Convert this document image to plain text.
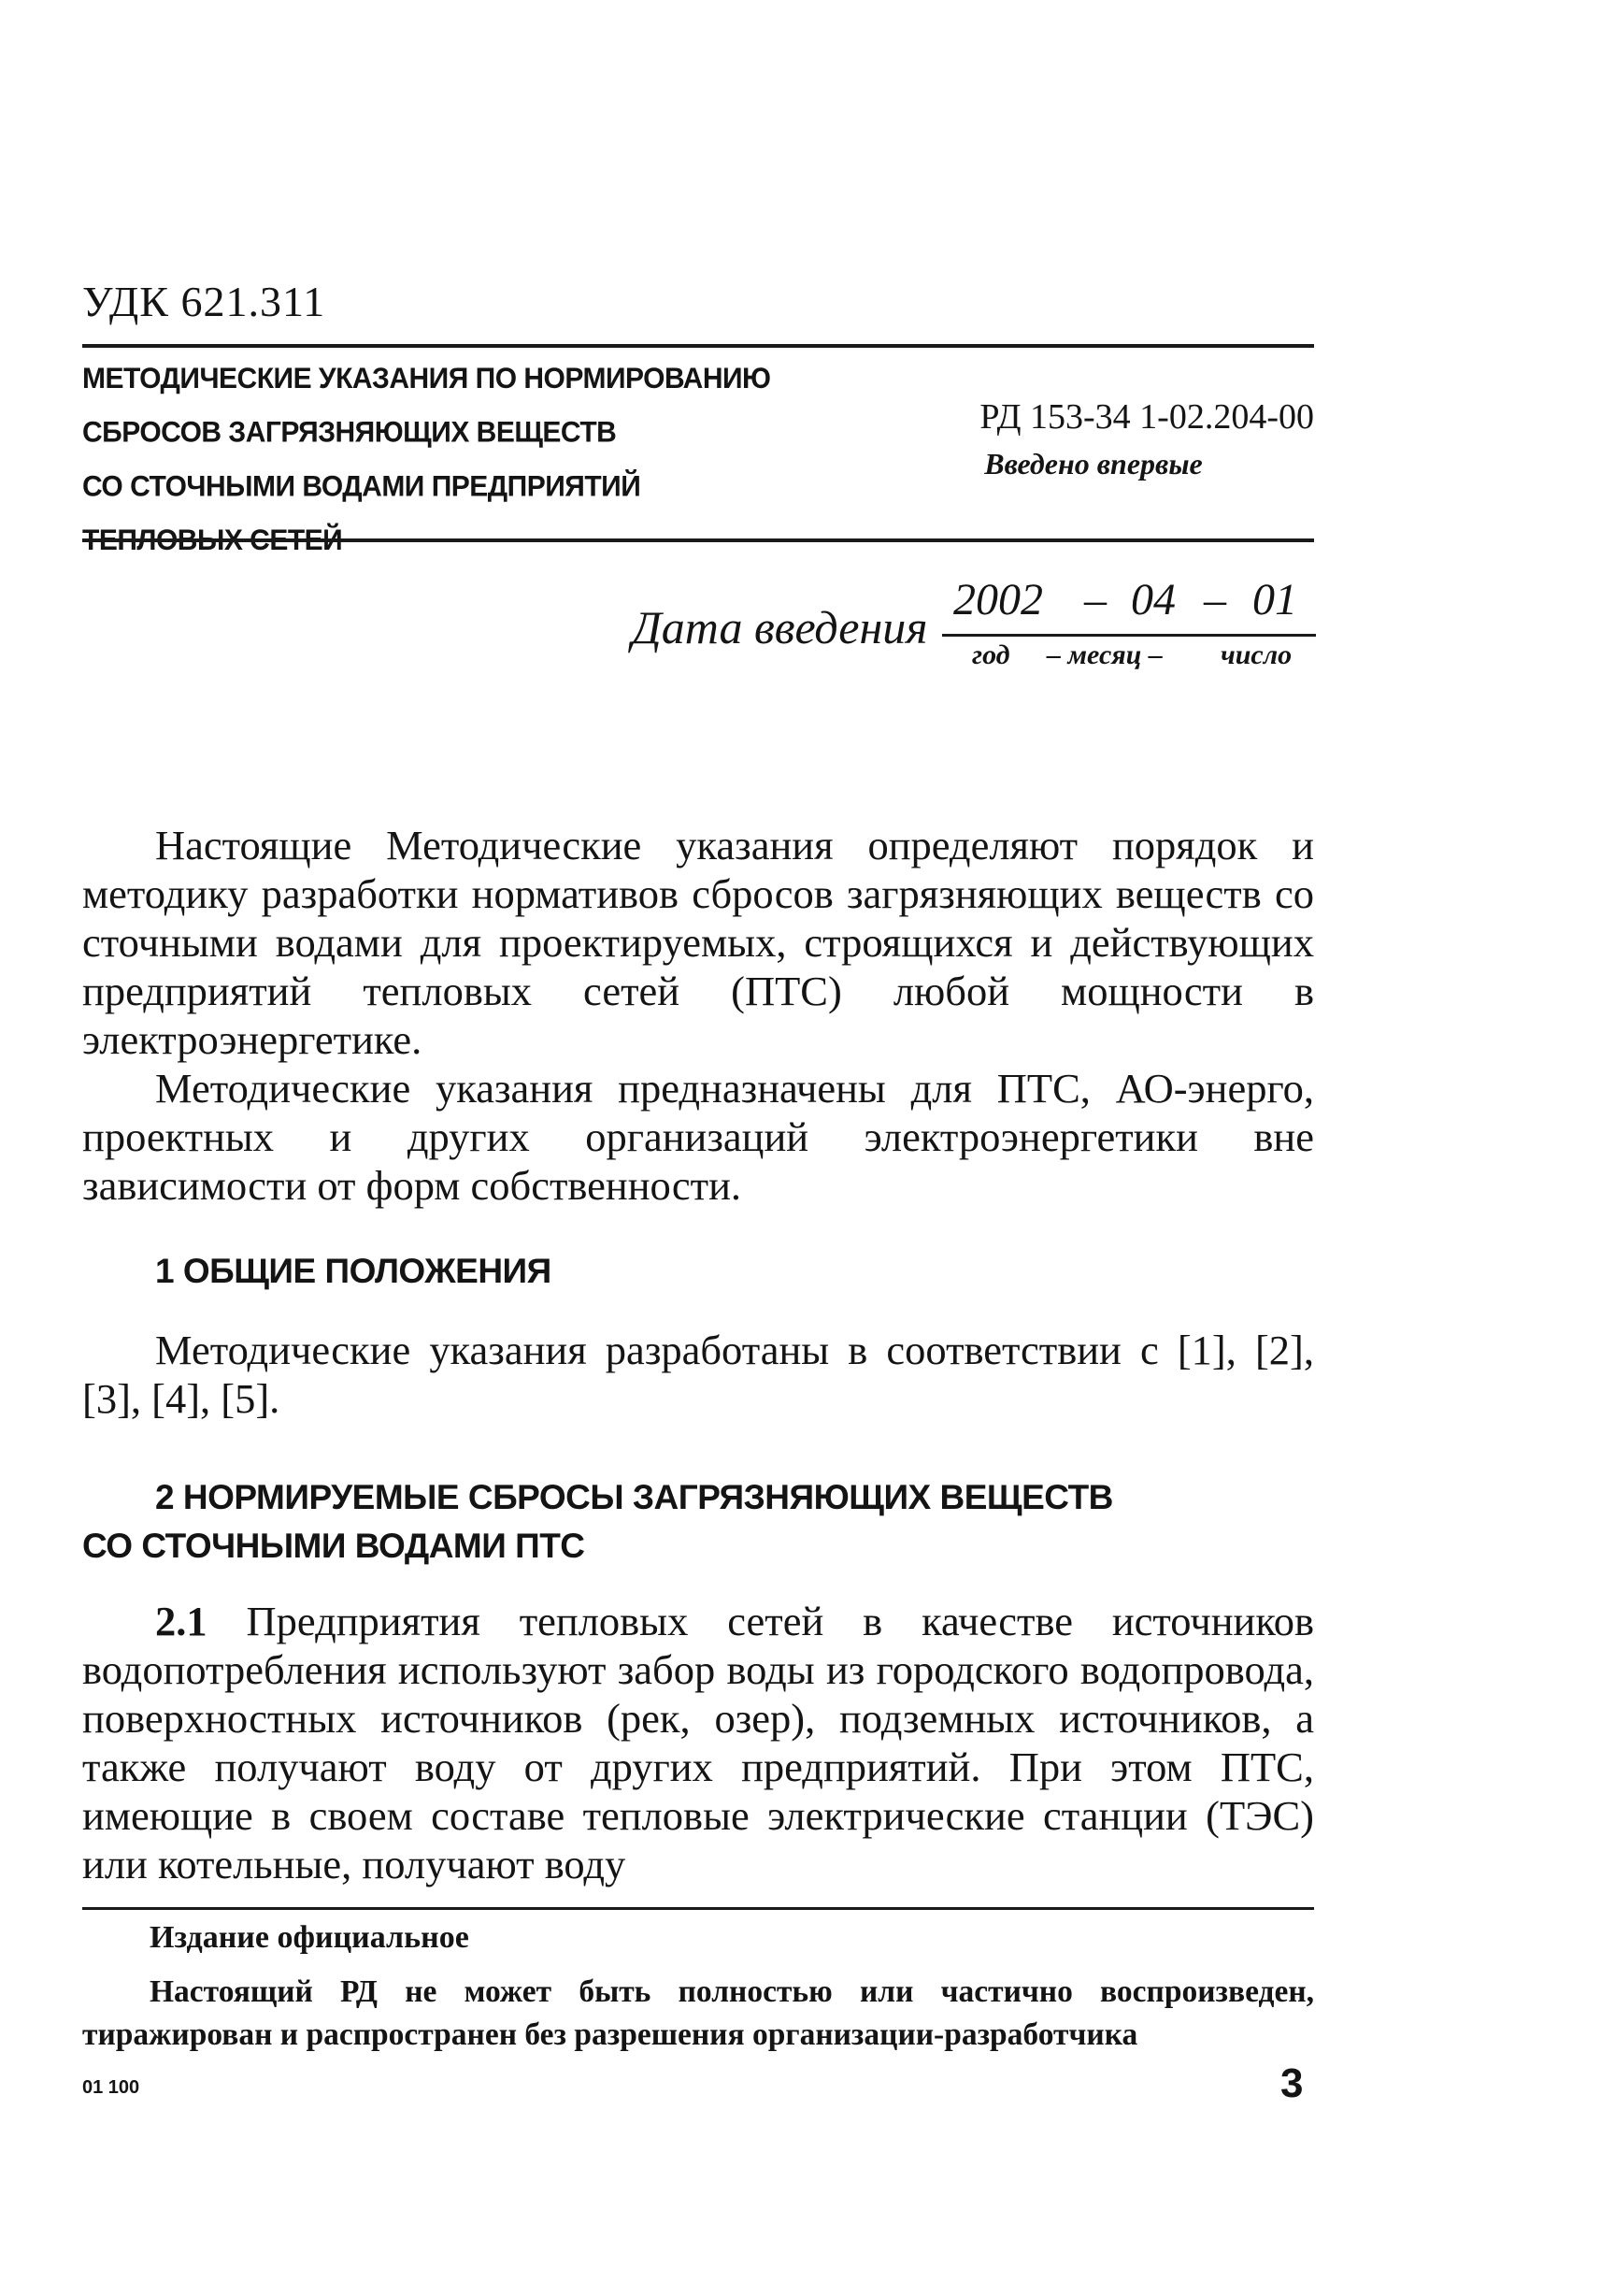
УДК 621.311
МЕТОДИЧЕСКИЕ УКАЗАНИЯ ПО НОРМИРОВАНИЮ
СБРОСОВ ЗАГРЯЗНЯЮЩИХ ВЕЩЕСТВ
СО СТОЧНЫМИ ВОДАМИ ПРЕДПРИЯТИЙ
ТЕПЛОВЫХ СЕТЕЙ
РД 153-34 1-02.204-00
Введено впервые
Дата введения
2002 – 04 – 01
год – месяц – число

Настоящие Методические указания определяют порядок и методику разработки нормативов сбросов загрязняющих веществ со сточными водами для проектируемых, строящихся и действующих предприятий тепловых сетей (ПТС) любой мощности в электроэнергетике.

Методические указания предназначены для ПТС, АО-энерго, проектных и других организаций электроэнергетики вне зависимости от форм собственности.

1 ОБЩИЕ ПОЛОЖЕНИЯ

Методические указания разработаны в соответствии с [1], [2], [3], [4], [5].

2 НОРМИРУЕМЫЕ СБРОСЫ ЗАГРЯЗНЯЮЩИХ ВЕЩЕСТВ
СО СТОЧНЫМИ ВОДАМИ ПТС

2.1 Предприятия тепловых сетей в качестве источников водопотребления используют забор воды из городского водопровода, поверхностных источников (рек, озер), подземных источников, а также получают воду от других предприятий. При этом ПТС, имеющие в своем составе тепловые электрические станции (ТЭС) или котельные, получают воду

Издание официальное

Настоящий РД не может быть полностью или частично воспроизведен, тиражирован и распространен без разрешения организации-разработчика

01 100	3
